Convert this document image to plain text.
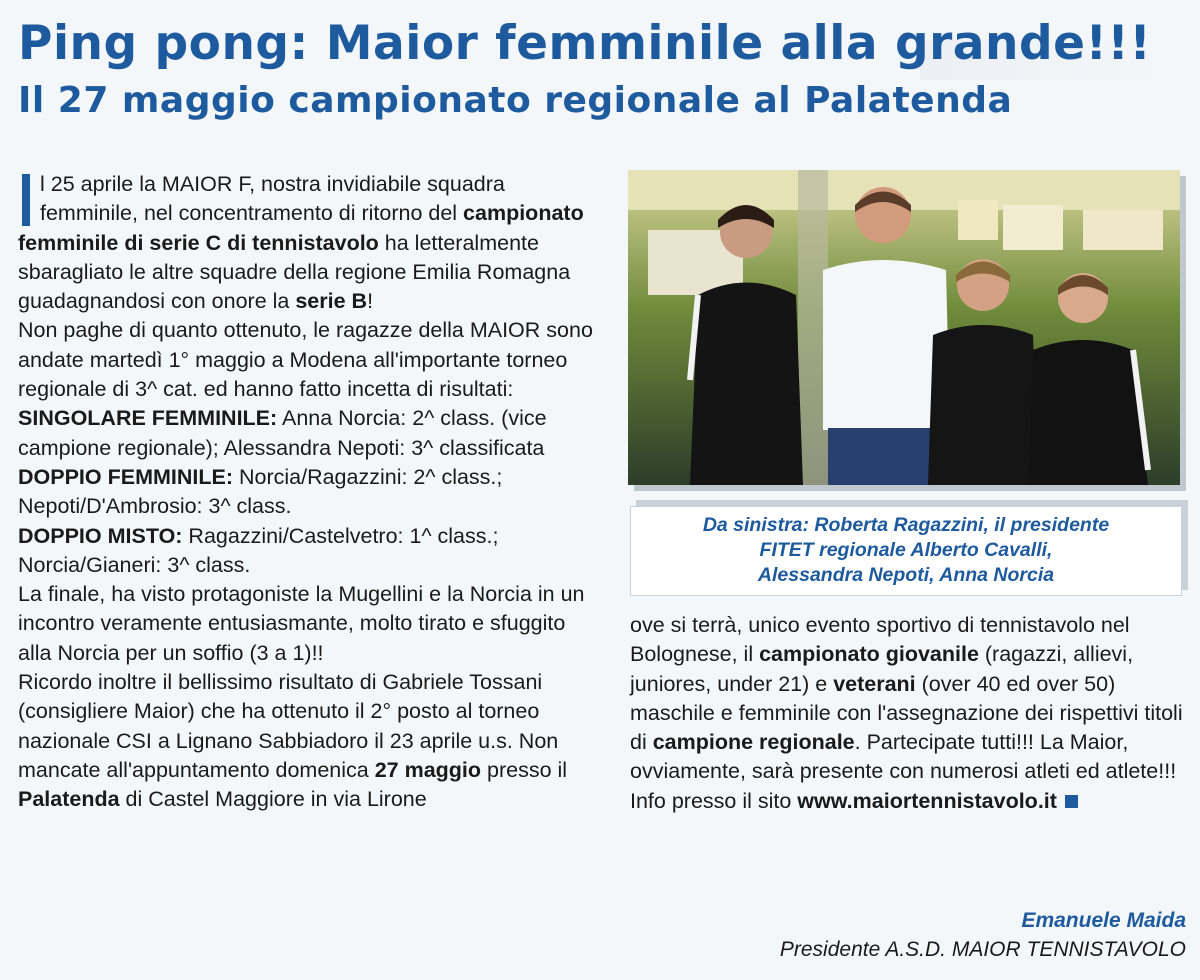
Ping pong: Maior femminile alla grande!!!
Il 27 maggio campionato regionale al Palatenda

l 25 aprile la MAIOR F, nostra invidiabile squadra femminile, nel concentramento di ritorno del campionato femminile di serie C di tennistavolo ha letteralmente sbaragliato le altre squadre della regione Emilia Romagna guadagnandosi con onore la serie B!

Non paghe di quanto ottenuto, le ragazze della MAIOR sono andate martedì 1° maggio a Modena all'importante torneo regionale di 3^ cat. ed hanno fatto incetta di risultati:

SINGOLARE FEMMINILE: Anna Norcia: 2^ class. (vice campione regionale); Alessandra Nepoti: 3^ classificata

DOPPIO FEMMINILE: Norcia/Ragazzini: 2^ class.; Nepoti/D'Ambrosio: 3^ class.

DOPPIO MISTO: Ragazzini/Castelvetro: 1^ class.; Norcia/Gianeri: 3^ class.

La finale, ha visto protagoniste la Mugellini e la Norcia in un incontro veramente entusiasmante, molto tirato e sfuggito alla Norcia per un soffio (3 a 1)!!

Ricordo inoltre il bellissimo risultato di Gabriele Tossani (consigliere Maior) che ha ottenuto il 2° posto al torneo nazionale CSI a Lignano Sabbiadoro il 23 aprile u.s. Non mancate all'appuntamento domenica 27 maggio presso il Palatenda di Castel Maggiore in via Lirone

Da sinistra: Roberta Ragazzini, il presidente
FITET regionale Alberto Cavalli,
Alessandra Nepoti, Anna Norcia

ove si terrà, unico evento sportivo di tennistavolo nel Bolognese, il campionato giovanile (ragazzi, allievi, juniores, under 21) e veterani (over 40 ed over 50) maschile e femminile con l'assegnazione dei rispettivi titoli di campione regionale. Partecipate tutti!!! La Maior, ovviamente, sarà presente con numerosi atleti ed atlete!!! Info presso il sito www.maiortennistavolo.it

Emanuele Maida
Presidente A.S.D. MAIOR TENNISTAVOLO
